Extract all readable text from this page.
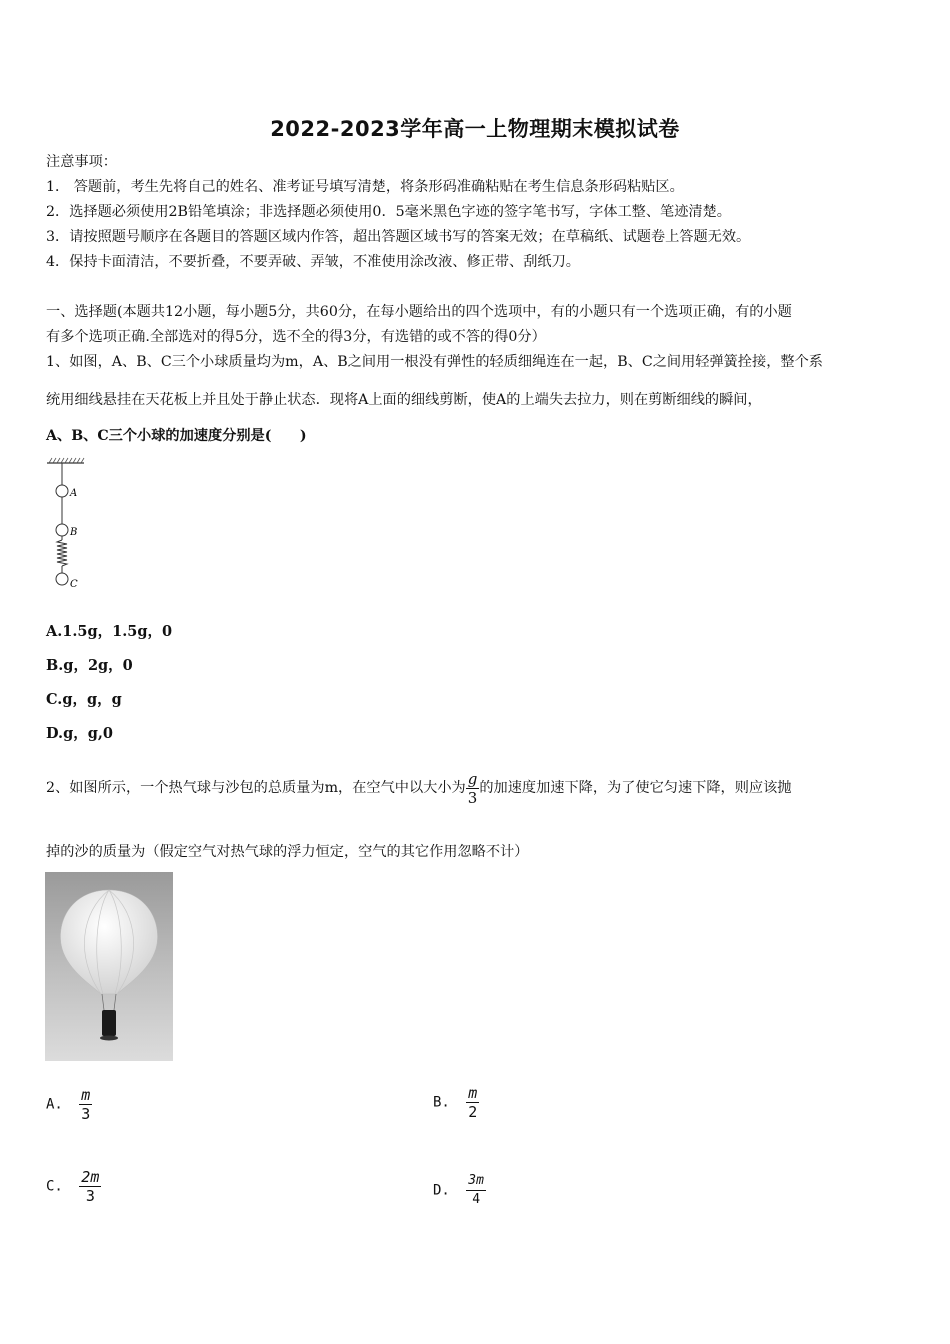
2022-2023学年高一上物理期末模拟试卷
注意事项：
1． 答题前，考生先将自己的姓名、准考证号填写清楚，将条形码准确粘贴在考生信息条形码粘贴区。
2．选择题必须使用2B铅笔填涂；非选择题必须使用0．5毫米黑色字迹的签字笔书写，字体工整、笔迹清楚。
3．请按照题号顺序在各题目的答题区域内作答，超出答题区域书写的答案无效；在草稿纸、试题卷上答题无效。
4．保持卡面清洁，不要折叠，不要弄破、弄皱，不准使用涂改液、修正带、刮纸刀。
一、选择题(本题共12小题，每小题5分，共60分，在每小题给出的四个选项中，有的小题只有一个选项正确，有的小题
有多个选项正确.全部选对的得5分，选不全的得3分，有选错的或不答的得0分）
1、如图，A、B、C三个小球质量均为m，A、B之间用一根没有弹性的轻质细绳连在一起，B、C之间用轻弹簧拴接，整个系
统用细线悬挂在天花板上并且处于静止状态．现将A上面的细线剪断，使A的上端失去拉力，则在剪断细线的瞬间，
A、B、C三个小球的加速度分别是(　　)
A
B
C
A.1.5g，1.5g，0
B.g，2g，0
C.g，g，g
D.g，g,0
2、如图所示，一个热气球与沙包的总质量为m，在空气中以大小为 $\frac{g}{3}$ 的加速度加速下降，为了使它匀速下降，则应该抛
掉的沙的质量为（假定空气对热气球的浮力恒定，空气的其它作用忽略不计）
A. $\frac{m}{3}$	B. $\frac{m}{2}$
C. $\frac{2m}{3}$	D. $\frac{3m}{4}$
